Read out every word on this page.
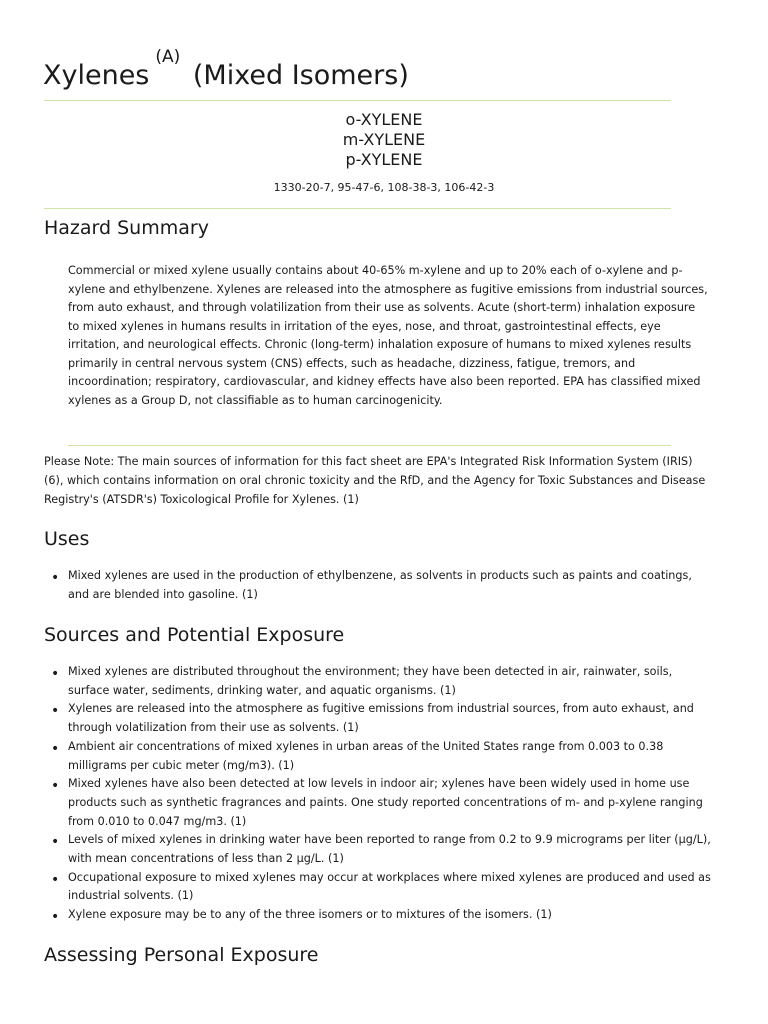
Xylenes$^{(A)}$ (Mixed Isomers)
o-XYLENE
m-XYLENE
p-XYLENE
1330-20-7, 95-47-6, 108-38-3, 106-42-3
Hazard Summary

Commercial or mixed xylene usually contains about 40-65% m-xylene and up to 20% each of o-xylene and p-xylene and ethylbenzene. Xylenes are released into the atmosphere as fugitive emissions from industrial sources, from auto exhaust, and through volatilization from their use as solvents. Acute (short-term) inhalation exposure to mixed xylenes in humans results in irritation of the eyes, nose, and throat, gastrointestinal effects, eye irritation, and neurological effects. Chronic (long-term) inhalation exposure of humans to mixed xylenes results primarily in central nervous system (CNS) effects, such as headache, dizziness, fatigue, tremors, and incoordination; respiratory, cardiovascular, and kidney effects have also been reported. EPA has classified mixed xylenes as a Group D, not classifiable as to human carcinogenicity.

Please Note: The main sources of information for this fact sheet are EPA's Integrated Risk Information System (IRIS) (6), which contains information on oral chronic toxicity and the RfD, and the Agency for Toxic Substances and Disease Registry's (ATSDR's) Toxicological Profile for Xylenes. (1)

Uses
• Mixed xylenes are used in the production of ethylbenzene, as solvents in products such as paints and coatings, and are blended into gasoline. (1)
Sources and Potential Exposure
• Mixed xylenes are distributed throughout the environment; they have been detected in air, rainwater, soils, surface water, sediments, drinking water, and aquatic organisms. (1)
• Xylenes are released into the atmosphere as fugitive emissions from industrial sources, from auto exhaust, and through volatilization from their use as solvents. (1)
• Ambient air concentrations of mixed xylenes in urban areas of the United States range from 0.003 to 0.38 milligrams per cubic meter (mg/m3). (1)
• Mixed xylenes have also been detected at low levels in indoor air; xylenes have been widely used in home use products such as synthetic fragrances and paints. One study reported concentrations of m- and p-xylene ranging from 0.010 to 0.047 mg/m3. (1)
• Levels of mixed xylenes in drinking water have been reported to range from 0.2 to 9.9 micrograms per liter (µg/L), with mean concentrations of less than 2 µg/L. (1)
• Occupational exposure to mixed xylenes may occur at workplaces where mixed xylenes are produced and used as industrial solvents. (1)
• Xylene exposure may be to any of the three isomers or to mixtures of the isomers. (1)
Assessing Personal Exposure
